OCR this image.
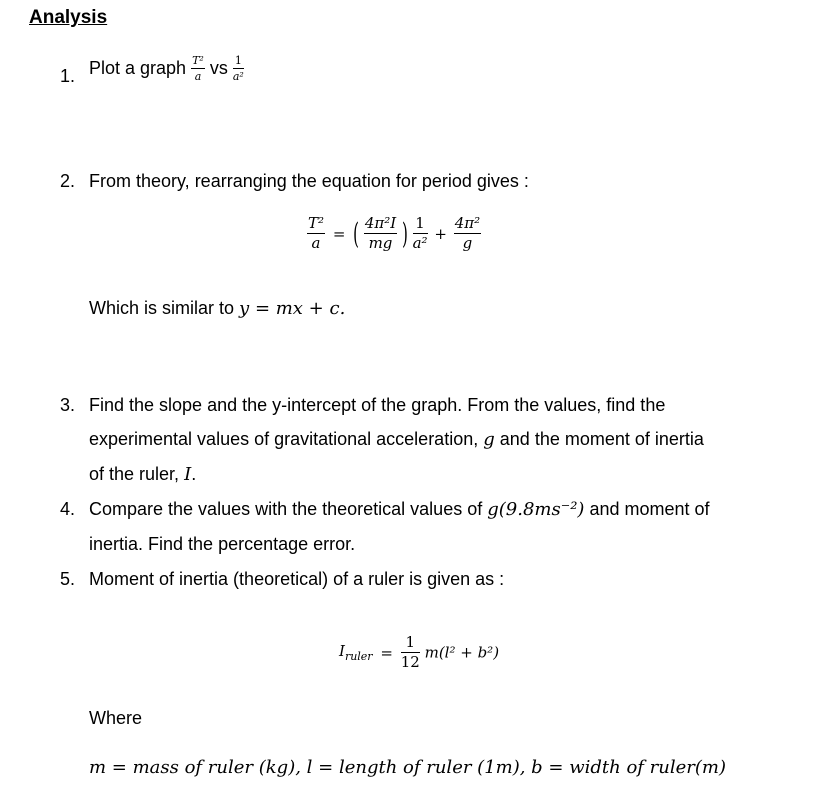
Analysis
1. Plot a graph $\frac{\text{T²}}{a}$ vs $\frac{1}{\text{a²}}$
2. From theory, rearranging the equation for period gives :
$\frac{\text{T²}}{a}$ = ( $\frac{\text{4π²I}}{mg}$ ) $\frac{1}{\text{a²}} + \frac{\text{4π²}}{g}$
Which is similar to y = mx + c.
3. Find the slope and the y-intercept of the graph. From the values, find the
experimental values of gravitational acceleration, g and the moment of inertia
of the ruler, I.
4. Compare the values with the theoretical values of g(9.8ms⁻²) and moment of
inertia. Find the percentage error.
5. Moment of inertia (theoretical) of a ruler is given as :
$I_{ruler} = \frac{1}{12} m(l^2 + b^2)$
Where
m = mass of ruler (kg), l = length of ruler (1m), b = width of ruler(m)
